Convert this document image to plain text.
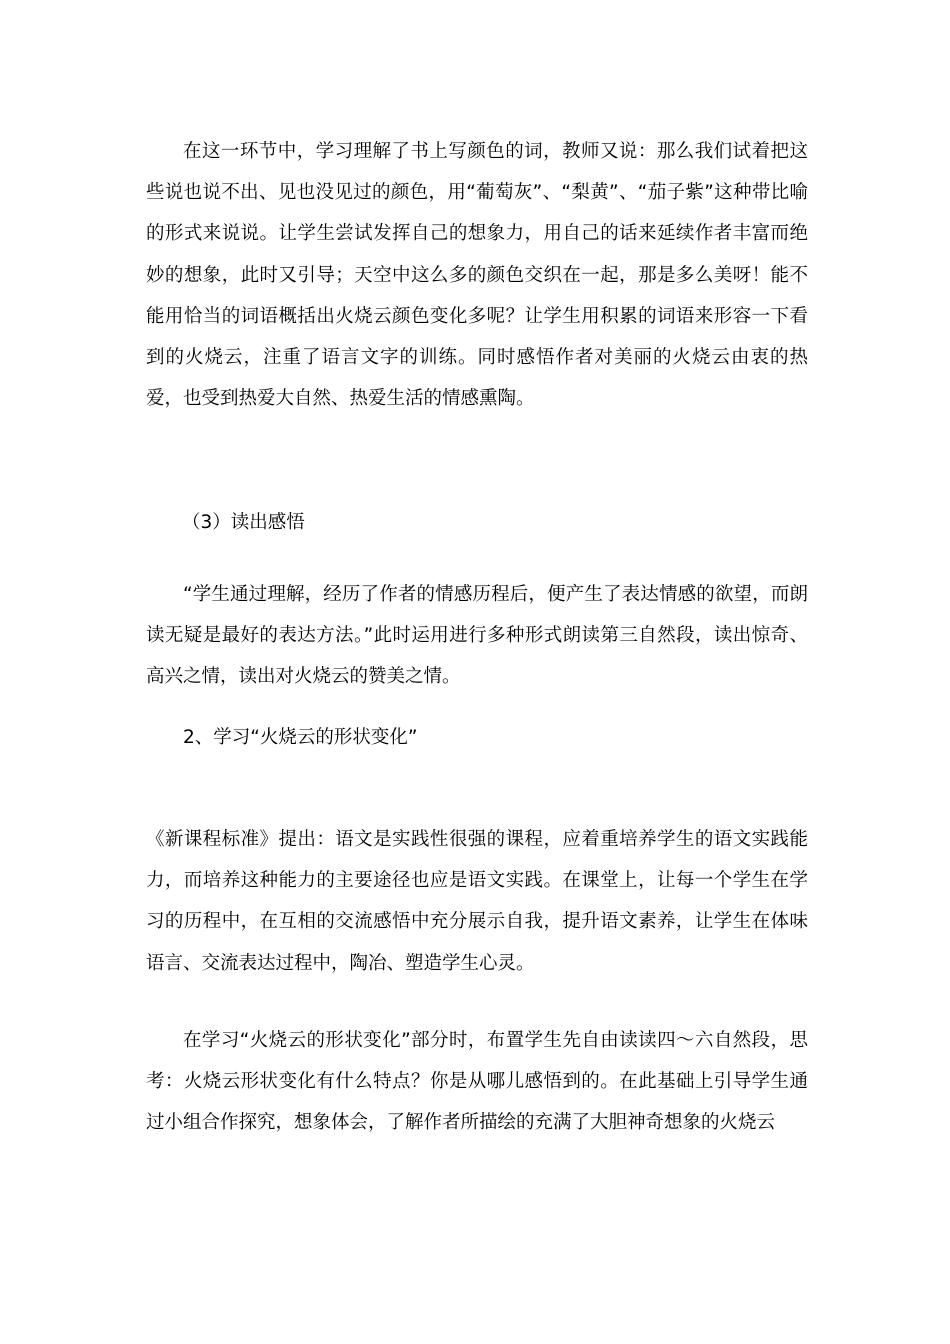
在这一环节中，学习理解了书上写颜色的词，教师又说：那么我们试着把这些说也说不出、见也没见过的颜色，用“葡萄灰”、“梨黄”、“茄子紫”这种带比喻的形式来说说。让学生尝试发挥自己的想象力，用自己的话来延续作者丰富而绝妙的想象，此时又引导；天空中这么多的颜色交织在一起，那是多么美呀！能不能用恰当的词语概括出火烧云颜色变化多呢？让学生用积累的词语来形容一下看到的火烧云，注重了语言文字的训练。同时感悟作者对美丽的火烧云由衷的热爱，也受到热爱大自然、热爱生活的情感熏陶。

（3）读出感悟

“学生通过理解，经历了作者的情感历程后，便产生了表达情感的欲望，而朗读无疑是最好的表达方法。”此时运用进行多种形式朗读第三自然段，读出惊奇、高兴之情，读出对火烧云的赞美之情。

2、学习“火烧云的形状变化”

《新课程标准》提出：语文是实践性很强的课程，应着重培养学生的语文实践能力，而培养这种能力的主要途径也应是语文实践。在课堂上，让每一个学生在学习的历程中，在互相的交流感悟中充分展示自我，提升语文素养，让学生在体味语言、交流表达过程中，陶冶、塑造学生心灵。

在学习“火烧云的形状变化”部分时，布置学生先自由读读四～六自然段，思考：火烧云形状变化有什么特点？你是从哪儿感悟到的。在此基础上引导学生通过小组合作探究，想象体会，了解作者所描绘的充满了大胆神奇想象的火烧云
